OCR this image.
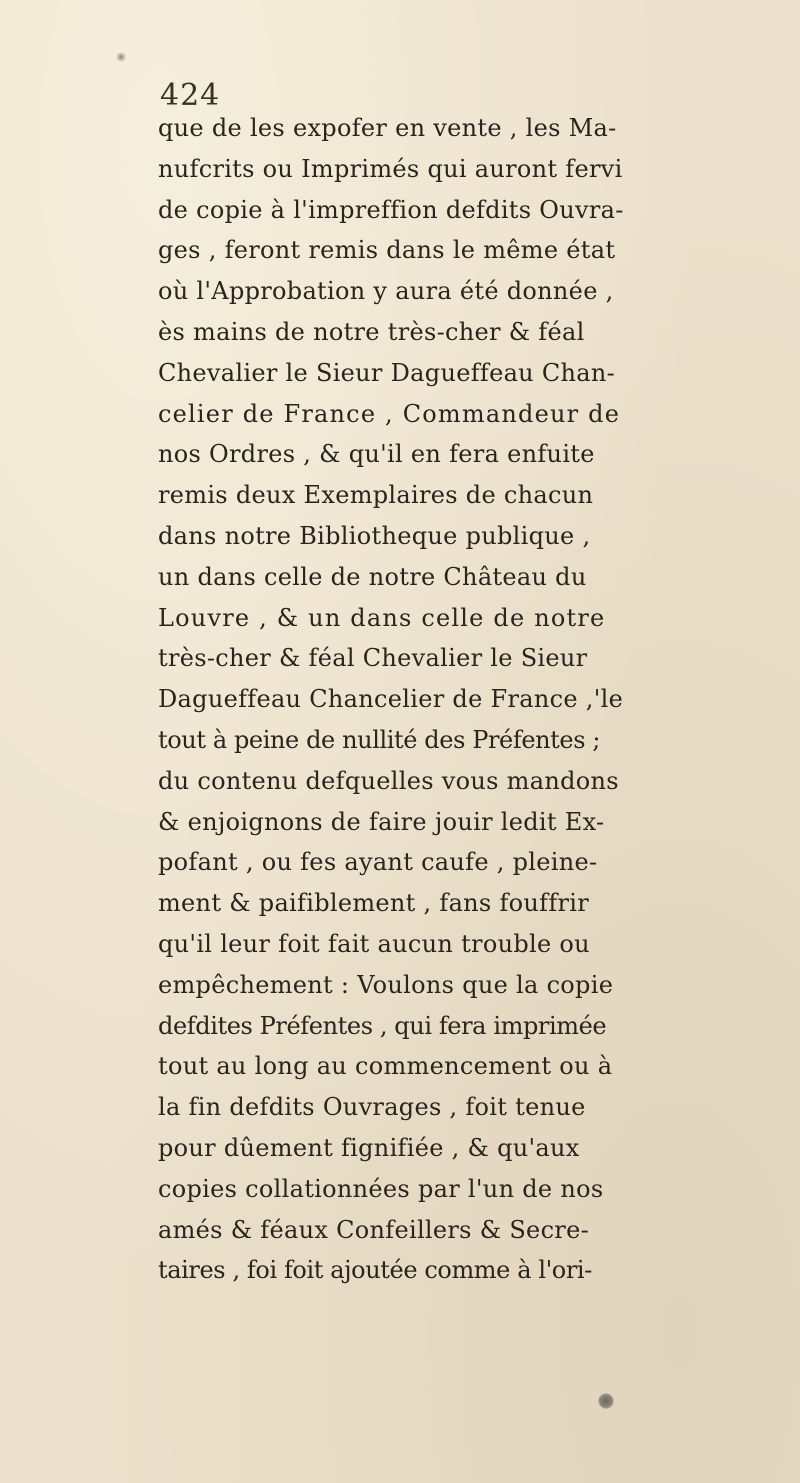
424
que de les expofer en vente , les Ma-
nufcrits ou Imprimés qui auront fervi
de copie à l'impreffion defdits Ouvra-
ges , feront remis dans le même état
où l'Approbation y aura été donnée ,
ès mains de notre très-cher & féal
Chevalier le Sieur Dagueffeau Chan-
celier de France , Commandeur de
nos Ordres , & qu'il en fera enfuite
remis deux Exemplaires de chacun
dans notre Bibliotheque publique ,
un dans celle de notre Château du
Louvre , & un dans celle de notre
très-cher & féal Chevalier le Sieur
Dagueffeau Chancelier de France ,'le
tout à peine de nullité des Préfentes ;
du contenu defquelles vous mandons
& enjoignons de faire jouir ledit Ex-
pofant , ou fes ayant caufe , pleine-
ment & paifiblement , fans fouffrir
qu'il leur foit fait aucun trouble ou
empêchement : Voulons que la copie
defdites Préfentes , qui fera imprimée
tout au long au commencement ou à
la fin defdits Ouvrages , foit tenue
pour dûement fignifiée , & qu'aux
copies collationnées par l'un de nos
amés & féaux Confeillers & Secre-
taires , foi foit ajoutée comme à l'ori-
